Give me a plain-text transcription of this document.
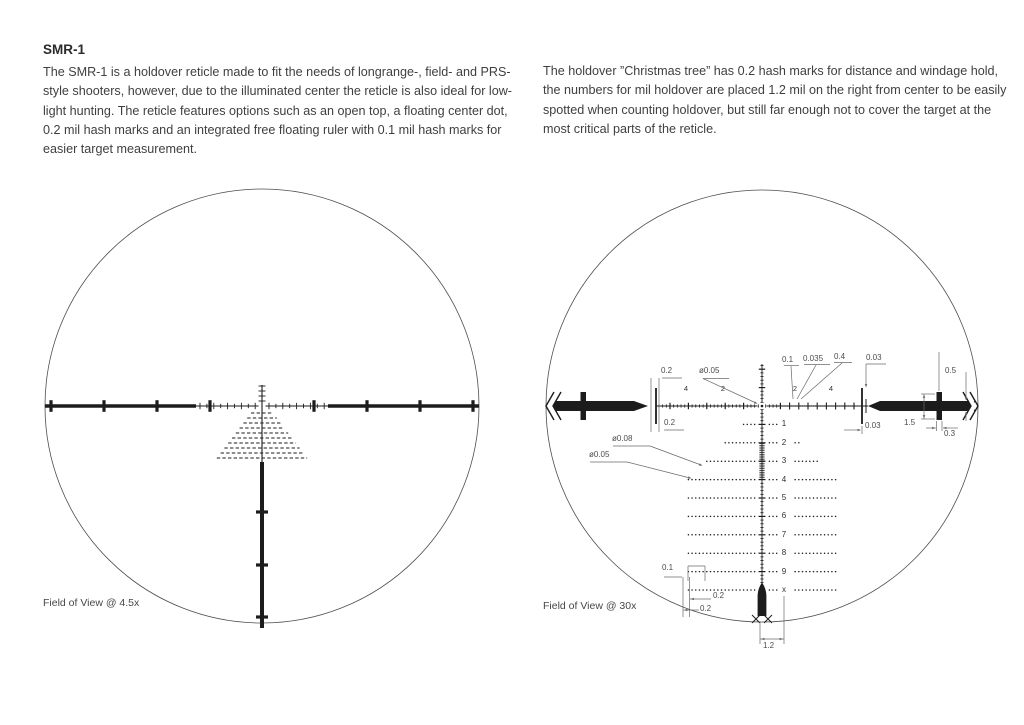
SMR-1

The SMR-1 is a holdover reticle made to fit the needs of longrange-, field- and PRS-style shooters, however, due to the illuminated center the reticle is also ideal for low-light hunting. The reticle features options such as an open top, a floating center dot, 0.2 mil hash marks and an integrated free floating ruler with 0.1 mil hash marks for easier target measurement.

The holdover ”Christmas tree” has 0.2 hash marks for distance and windage hold, the numbers for mil holdover are placed 1.2 mil on the right from center to be easily spotted when counting holdover, but still far enough not to cover the target at the most critical parts of the reticle.

Field of View @ 4.5x	Field of View @ 30x
4	2	2	4
1
2
3
4
5
6
7
8
9
x
0.2
0.2
ø0.05
ø0.08
ø0.05
0.1 0.035 0.4	0.03
0.03
0.5
1.5
0.3
0.1
0.2
0.2
1.2
